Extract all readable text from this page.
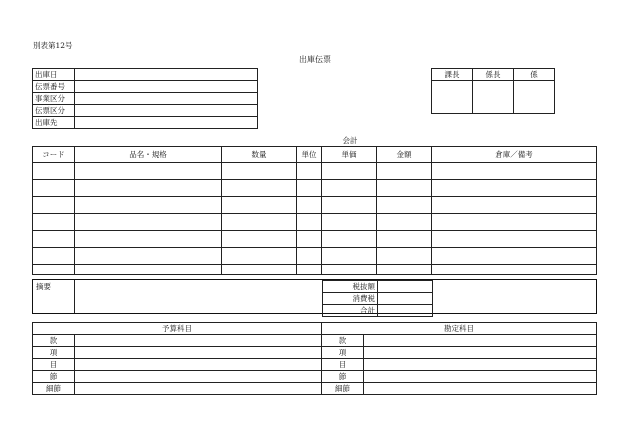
別表第12号
出庫伝票
出庫日	
伝票番号	
事業区分	
伝票区分	
出庫先	
課長	係長	係

会計
コード	品名・規格	数量	単位	単価	金額	倉庫／備考

摘要	税抜額	
消費税	
合計	
予算科目		勘定科目	
款		款	
項		項	
目		目	
節		節	
細節		細節	
